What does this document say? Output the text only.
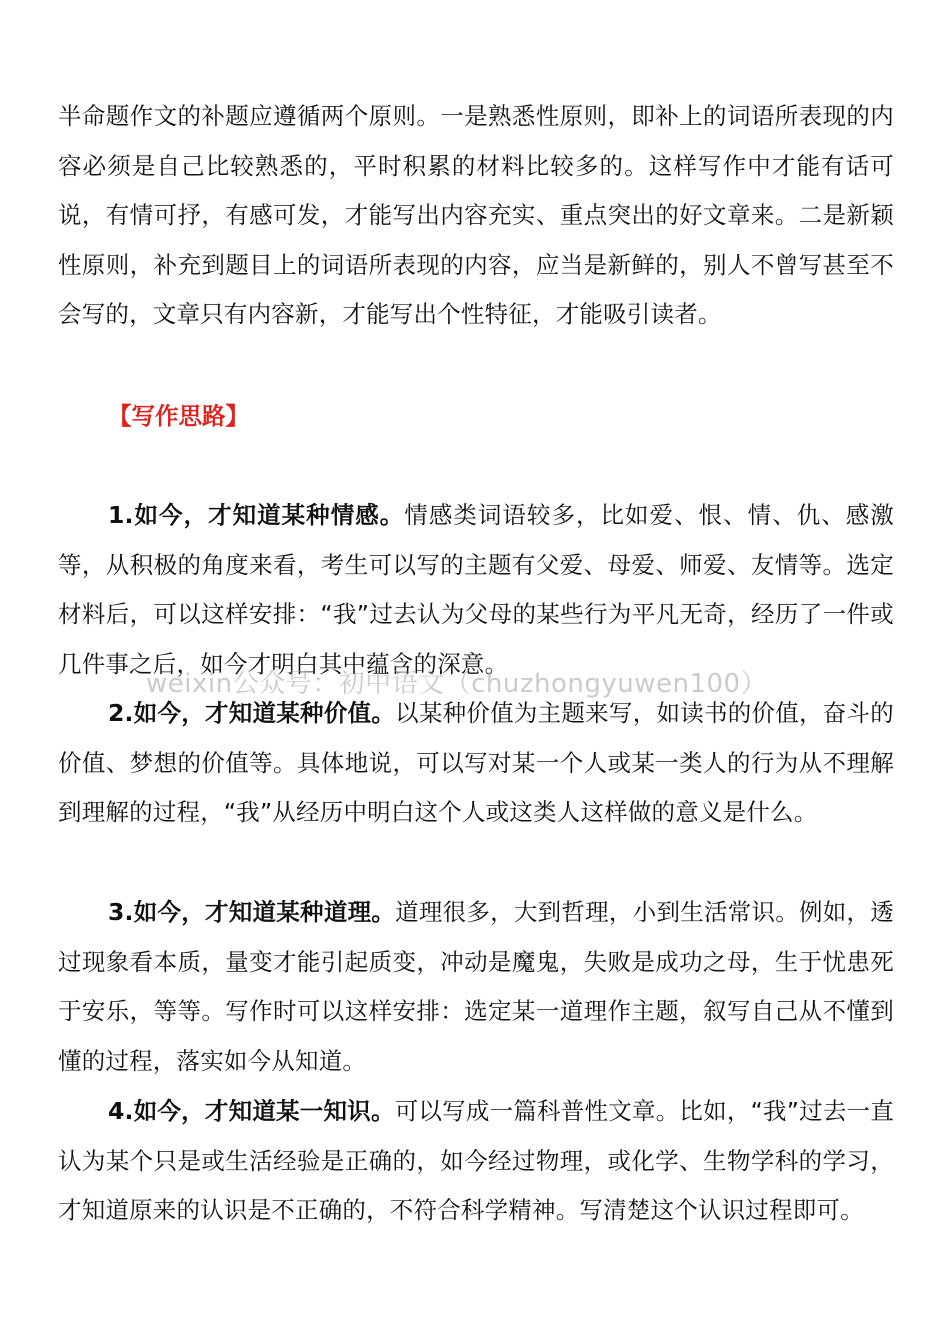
半命题作文的补题应遵循两个原则。一是熟悉性原则，即补上的词语所表现的内容必须是自己比较熟悉的，平时积累的材料比较多的。这样写作中才能有话可说，有情可抒，有感可发，才能写出内容充实、重点突出的好文章来。二是新颖性原则，补充到题目上的词语所表现的内容，应当是新鲜的，别人不曾写甚至不会写的，文章只有内容新，才能写出个性特征，才能吸引读者。

【写作思路】

1.如今，才知道某种情感。情感类词语较多，比如爱、恨、情、仇、感激等，从积极的角度来看，考生可以写的主题有父爱、母爱、师爱、友情等。选定材料后，可以这样安排：“我”过去认为父母的某些行为平凡无奇，经历了一件或几件事之后，如今才明白其中蕴含的深意。

2.如今，才知道某种价值。以某种价值为主题来写，如读书的价值，奋斗的价值、梦想的价值等。具体地说，可以写对某一个人或某一类人的行为从不理解到理解的过程，“我”从经历中明白这个人或这类人这样做的意义是什么。

3.如今，才知道某种道理。道理很多，大到哲理，小到生活常识。例如，透过现象看本质，量变才能引起质变，冲动是魔鬼，失败是成功之母，生于忧患死于安乐，等等。写作时可以这样安排：选定某一道理作主题，叙写自己从不懂到懂的过程，落实如今从知道。

4.如今，才知道某一知识。可以写成一篇科普性文章。比如，“我”过去一直认为某个只是或生活经验是正确的，如今经过物理，或化学、生物学科的学习，才知道原来的认识是不正确的，不符合科学精神。写清楚这个认识过程即可。

weixin公众号：初中语文（chuzhongyuwen100）
